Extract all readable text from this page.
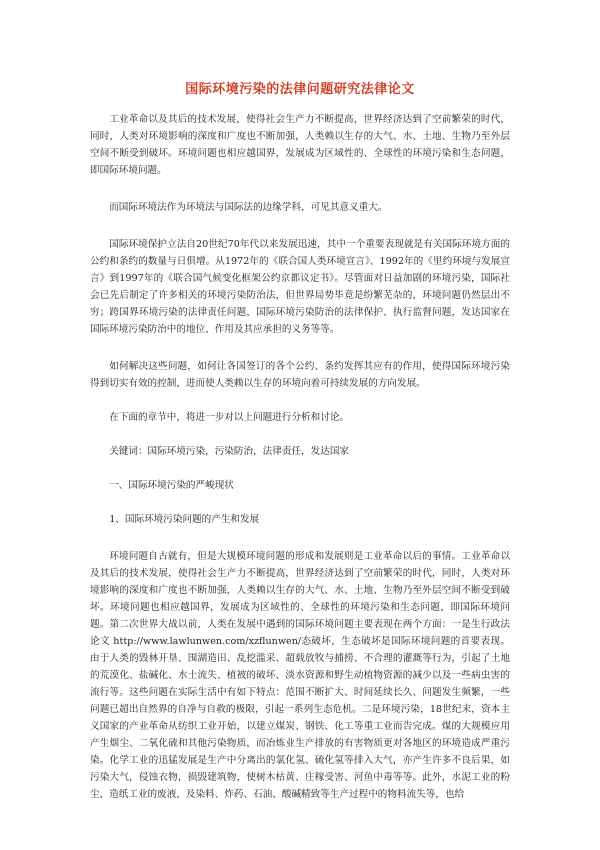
国际环境污染的法律问题研究法律论文

工业革命以及其后的技术发展，使得社会生产力不断提高，世界经济达到了空前繁荣的时代，同时，人类对环境影响的深度和广度也不断加强，人类赖以生存的大气、水、土地、生物乃至外层空间不断受到破坏。环境问题也相应越国界，发展成为区域性的、全球性的环境污染和生态问题，即国际环境问题。

而国际环境法作为环境法与国际法的边缘学科，可见其意义重大。

国际环境保护立法自20世纪70年代以来发展迅速，其中一个重要表现就是有关国际环境方面的公约和条约的数量与日俱增。从1972年的《联合国人类环境宣言》、1992年的《里约环境与发展宣言》到1997年的《联合国气候变化框架公约京都议定书》。尽管面对日益加剧的环境污染，国际社会已先后制定了许多相关的环境污染防治法，但世界局势毕竟是纷繁芜杂的，环境问题仍然层出不穷；跨国界环境污染的法律责任问题，国际环境污染防治的法律保护、执行监督问题，发达国家在国际环境污染防治中的地位、作用及其应承担的义务等等。

如何解决这些问题，如何让各国签订的各个公约、条约发挥其应有的作用，使得国际环境污染得到切实有效的控制，进而使人类赖以生存的环境向着可持续发展的方向发展。

在下面的章节中，将进一步对以上问题进行分析和讨论。

关键词：国际环境污染，污染防治，法律责任，发达国家

一、国际环境污染的严峻现状

1、国际环境污染问题的产生和发展

环境问题自古就有，但是大规模环境问题的形成和发展则是工业革命以后的事情。工业革命以及其后的技术发展，使得社会生产力不断提高，世界经济达到了空前繁荣的时代，同时，人类对环境影响的深度和广度也不断加强，人类赖以生存的大气、水、土地、生物乃至外层空间不断受到破坏。环境问题也相应越国界，发展成为区域性的、全球性的环境污染和生态问题，即国际环境问题。第二次世界大战以前，人类在发展中遇到的国际环境问题主要表现在两个方面：一是生行政法论文 http://www.lawlunwen.com/xzflunwen/态破坏，生态破坏是国际环境问题的首要表现。由于人类的毁林开垦、围湖造田、乱挖滥采、超载放牧与捕捞、不合理的灌溉等行为，引起了土地的荒漠化、盐碱化、水土流失、植被的破坏、淡水资源和野生动植物资源的减少以及一些病虫害的流行等。这些问题在实际生活中有如下特点：范围不断扩大、时间延续长久、问题发生频繁，一些问题已超出自然界的自净与自救的极限，引起一系列生态危机。二是环境污染，18世纪末，资本主义国家的产业革命从纺织工业开始，以建立煤炭、钢铁、化工等重工业而告完成。煤的大规模应用产生烟尘、二氧化硫和其他污染物质，而冶炼业生产排放的有害物质更对各地区的环境造成严重污染。化学工业的迅猛发展是生产中分离出的氯化氢、硫化氢等排入大气，亦产生许多不良后果，如污染大气，侵蚀衣物，损毁建筑物，使树木枯黄、庄稼受害、河鱼中毒等等。此外，水泥工业的粉尘，造纸工业的废液，及染料、炸药、石油、酸碱精致等生产过程中的物料流失等，也给
